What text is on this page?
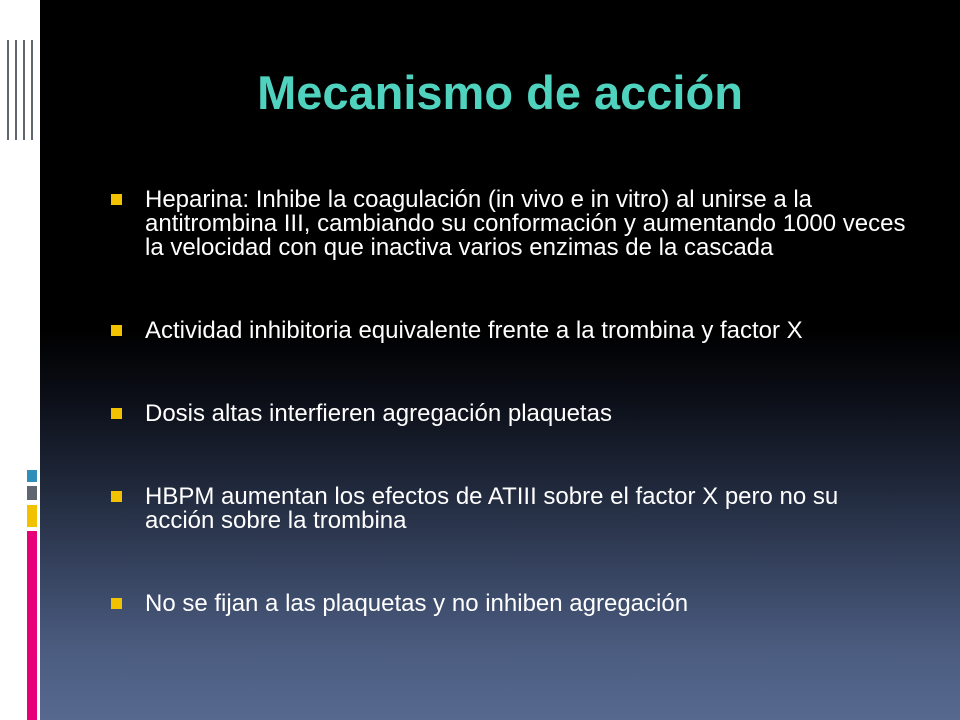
Mecanismo de acción
Heparina: Inhibe la coagulación (in vivo e in vitro) al unirse a la antitrombina III, cambiando su conformación y aumentando 1000 veces la velocidad con que inactiva varios enzimas de la cascada
Actividad inhibitoria equivalente frente a la trombina y factor X
Dosis altas interfieren agregación plaquetas
HBPM aumentan los efectos de ATIII sobre el factor X pero no su acción sobre la trombina
No se fijan a las plaquetas y no inhiben agregación
